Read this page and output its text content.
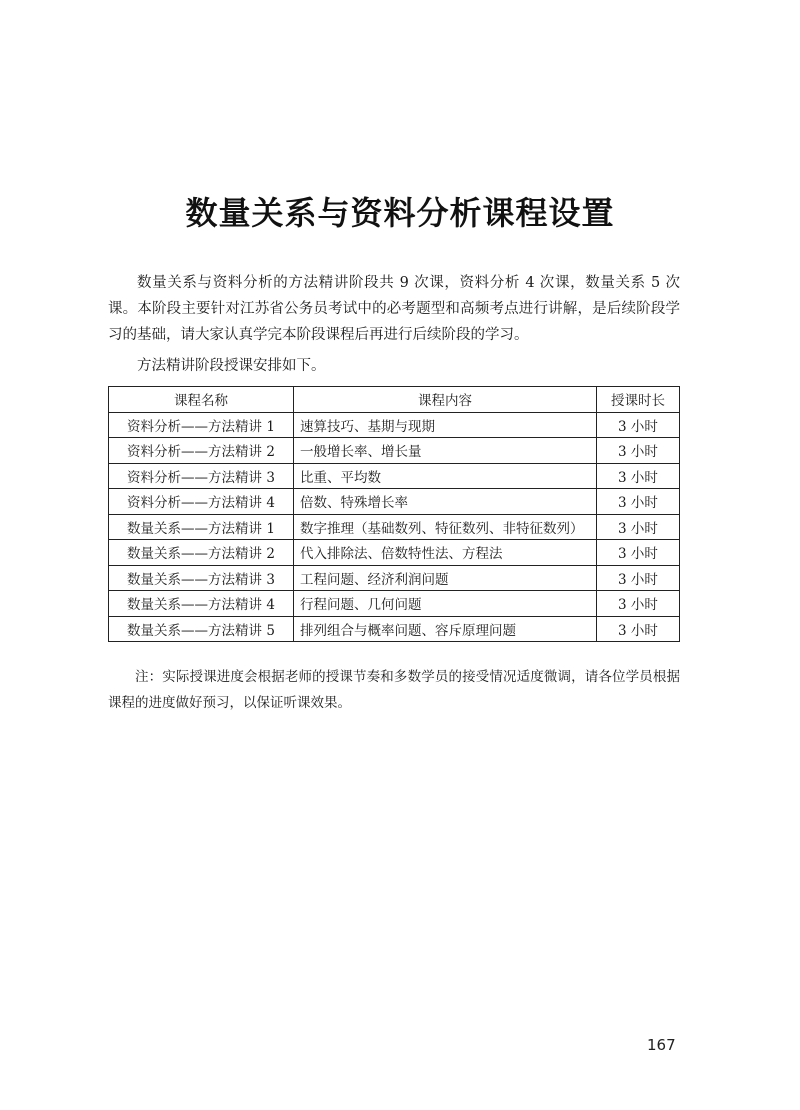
数量关系与资料分析课程设置

数量关系与资料分析的方法精讲阶段共 9 次课，资料分析 4 次课，数量关系 5 次课。本阶段主要针对江苏省公务员考试中的必考题型和高频考点进行讲解，是后续阶段学习的基础，请大家认真学完本阶段课程后再进行后续阶段的学习。

方法精讲阶段授课安排如下。

课程名称	课程内容	授课时长
资料分析——方法精讲 1	速算技巧、基期与现期	3 小时
资料分析——方法精讲 2	一般增长率、增长量	3 小时
资料分析——方法精讲 3	比重、平均数	3 小时
资料分析——方法精讲 4	倍数、特殊增长率	3 小时
数量关系——方法精讲 1	数字推理（基础数列、特征数列、非特征数列）	3 小时
数量关系——方法精讲 2	代入排除法、倍数特性法、方程法	3 小时
数量关系——方法精讲 3	工程问题、经济利润问题	3 小时
数量关系——方法精讲 4	行程问题、几何问题	3 小时
数量关系——方法精讲 5	排列组合与概率问题、容斥原理问题	3 小时

注：实际授课进度会根据老师的授课节奏和多数学员的接受情况适度微调，请各位学员根据课程的进度做好预习，以保证听课效果。

167
